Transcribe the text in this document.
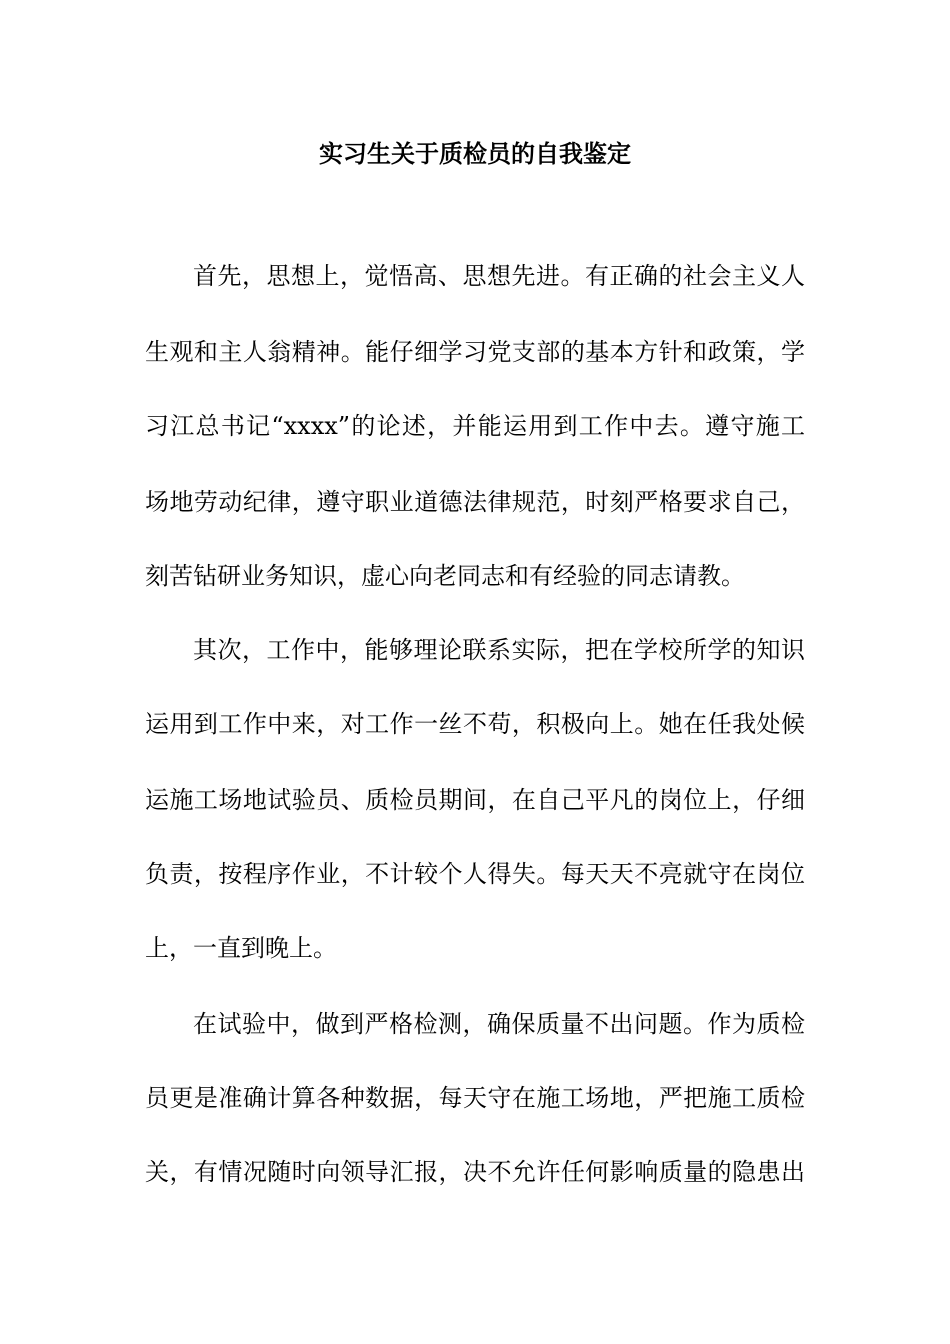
实习生关于质检员的自我鉴定
首先，思想上，觉悟高、思想先进。有正确的社会主义人
生观和主人翁精神。能仔细学习党支部的基本方针和政策，学
习江总书记“xxxx”的论述，并能运用到工作中去。遵守施工
场地劳动纪律，遵守职业道德法律规范，时刻严格要求自己，
刻苦钻研业务知识，虚心向老同志和有经验的同志请教。
其次，工作中，能够理论联系实际，把在学校所学的知识
运用到工作中来，对工作一丝不苟，积极向上。她在任我处候
运施工场地试验员、质检员期间，在自己平凡的岗位上，仔细
负责，按程序作业，不计较个人得失。每天天不亮就守在岗位
上，一直到晚上。
在试验中，做到严格检测，确保质量不出问题。作为质检
员更是准确计算各种数据，每天守在施工场地，严把施工质检
关，有情况随时向领导汇报，决不允许任何影响质量的隐患出
